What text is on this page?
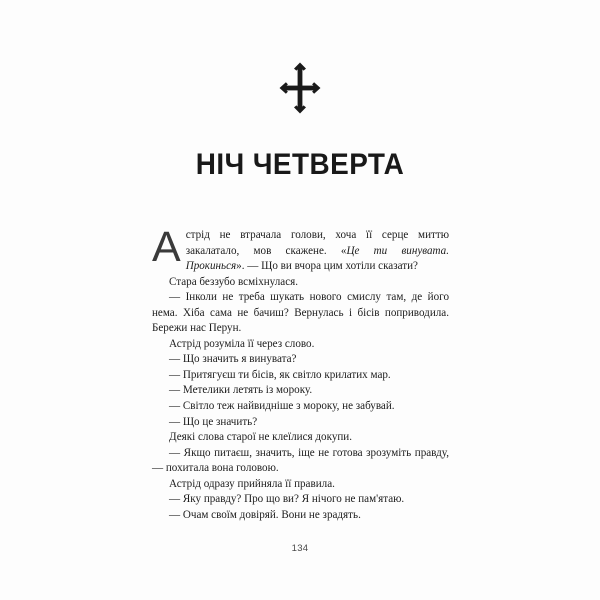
НІЧ ЧЕТВЕРТА

Астрід не втрачала голови, хоча її серце миттю закалатало, мов скажене. «Це ти винувата. Прокинься». — Що ви вчора цим хотіли сказати?

Стара беззубо всміхнулася.

— Інколи не треба шукать нового смислу там, де його нема. Хіба сама не бачиш? Вернулась і бісів поприводила. Бережи нас Перун.

Астрід розуміла її через слово.

— Що значить я винувата?

— Притягуєш ти бісів, як світло крилатих мар.

— Метелики летять із мороку.

— Світло теж найвидніше з мороку, не забувай.

— Що це значить?

Деякі слова старої не клеїлися докупи.

— Якщо питаєш, значить, іще не готова зрозуміть правду, — похитала вона головою.

Астрід одразу прийняла її правила.

— Яку правду? Про що ви? Я нічого не пам'ятаю.

— Очам своїм довіряй. Вони не зрадять.

134
